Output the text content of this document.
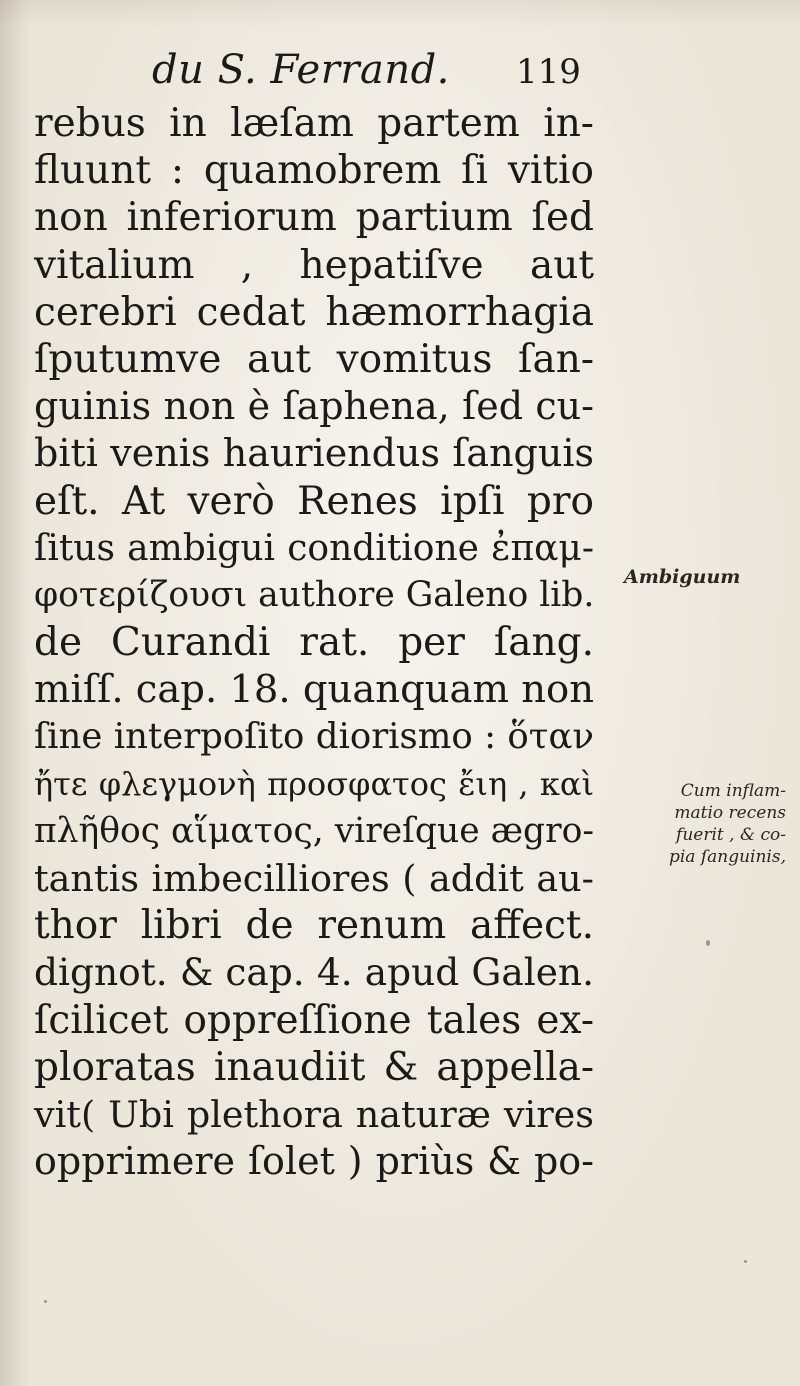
du S. Ferrand. 119
rebus in læſam partem in-
fluunt : quamobrem ſi vitio
non inferiorum partium ſed
vitalium , hepatiſve aut
cerebri cedat hæmorrhagia
ſputumve aut vomitus ſan-
guinis non è ſaphena, ſed cu-
biti venis hauriendus ſanguis
eſt. At verò Renes ipſi pro
ſitus ambigui conditione ἐπαμ-
φοτερίζουσι authore Galeno lib.
de Curandi rat. per ſang.
miſſ. cap. 18. quanquam non
ſine interpoſito diorismo : ὅταν
ἤτε φλεγμονὴ προσφατος ἔιη , καὶ
πλῆθος αἵματος, vireſque ægro-
tantis imbecilliores ( addit au-
thor libri de renum affect.
dignot. & cap. 4. apud Galen.
ſcilicet oppreſſione tales ex-
ploratas inaudiit & appella-
vit( Ubi plethora naturæ vires
opprimere ſolet ) priùs & po-
Ambiguum
Cum inflam-
matio recens
fuerit , & co-
pia ſanguinis,
